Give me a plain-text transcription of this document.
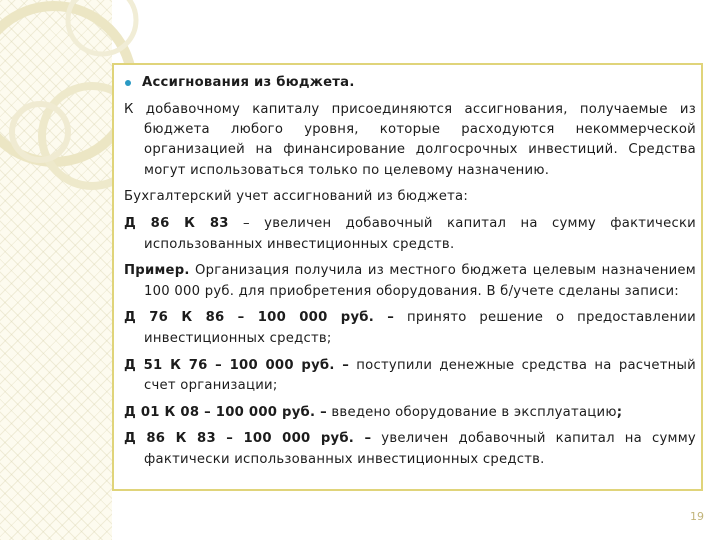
Ассигнования из бюджета.
К добавочному капиталу присоединяются ассигнования, получаемые из бюджета любого уровня, которые расходуются некоммерческой организацией на финансирование долгосрочных инвестиций. Средства могут использоваться только по целевому назначению.
Бухгалтерский учет ассигнований из бюджета:
Д 86 К 83 – увеличен добавочный капитал на сумму фактически использованных инвестиционных средств.
Пример. Организация получила из местного бюджета целевым назначением 100 000 руб. для приобретения оборудования. В б/учете сделаны записи:
Д 76 К 86 – 100 000 руб. – принято решение о предоставлении инвестиционных средств;
Д 51 К 76 – 100 000 руб. – поступили денежные средства на расчетный счет организации;
Д 01 К 08 – 100 000 руб. – введено оборудование в эксплуатацию;
Д 86 К 83 – 100 000 руб. – увеличен добавочный капитал на сумму фактически использованных инвестиционных средств.
19
